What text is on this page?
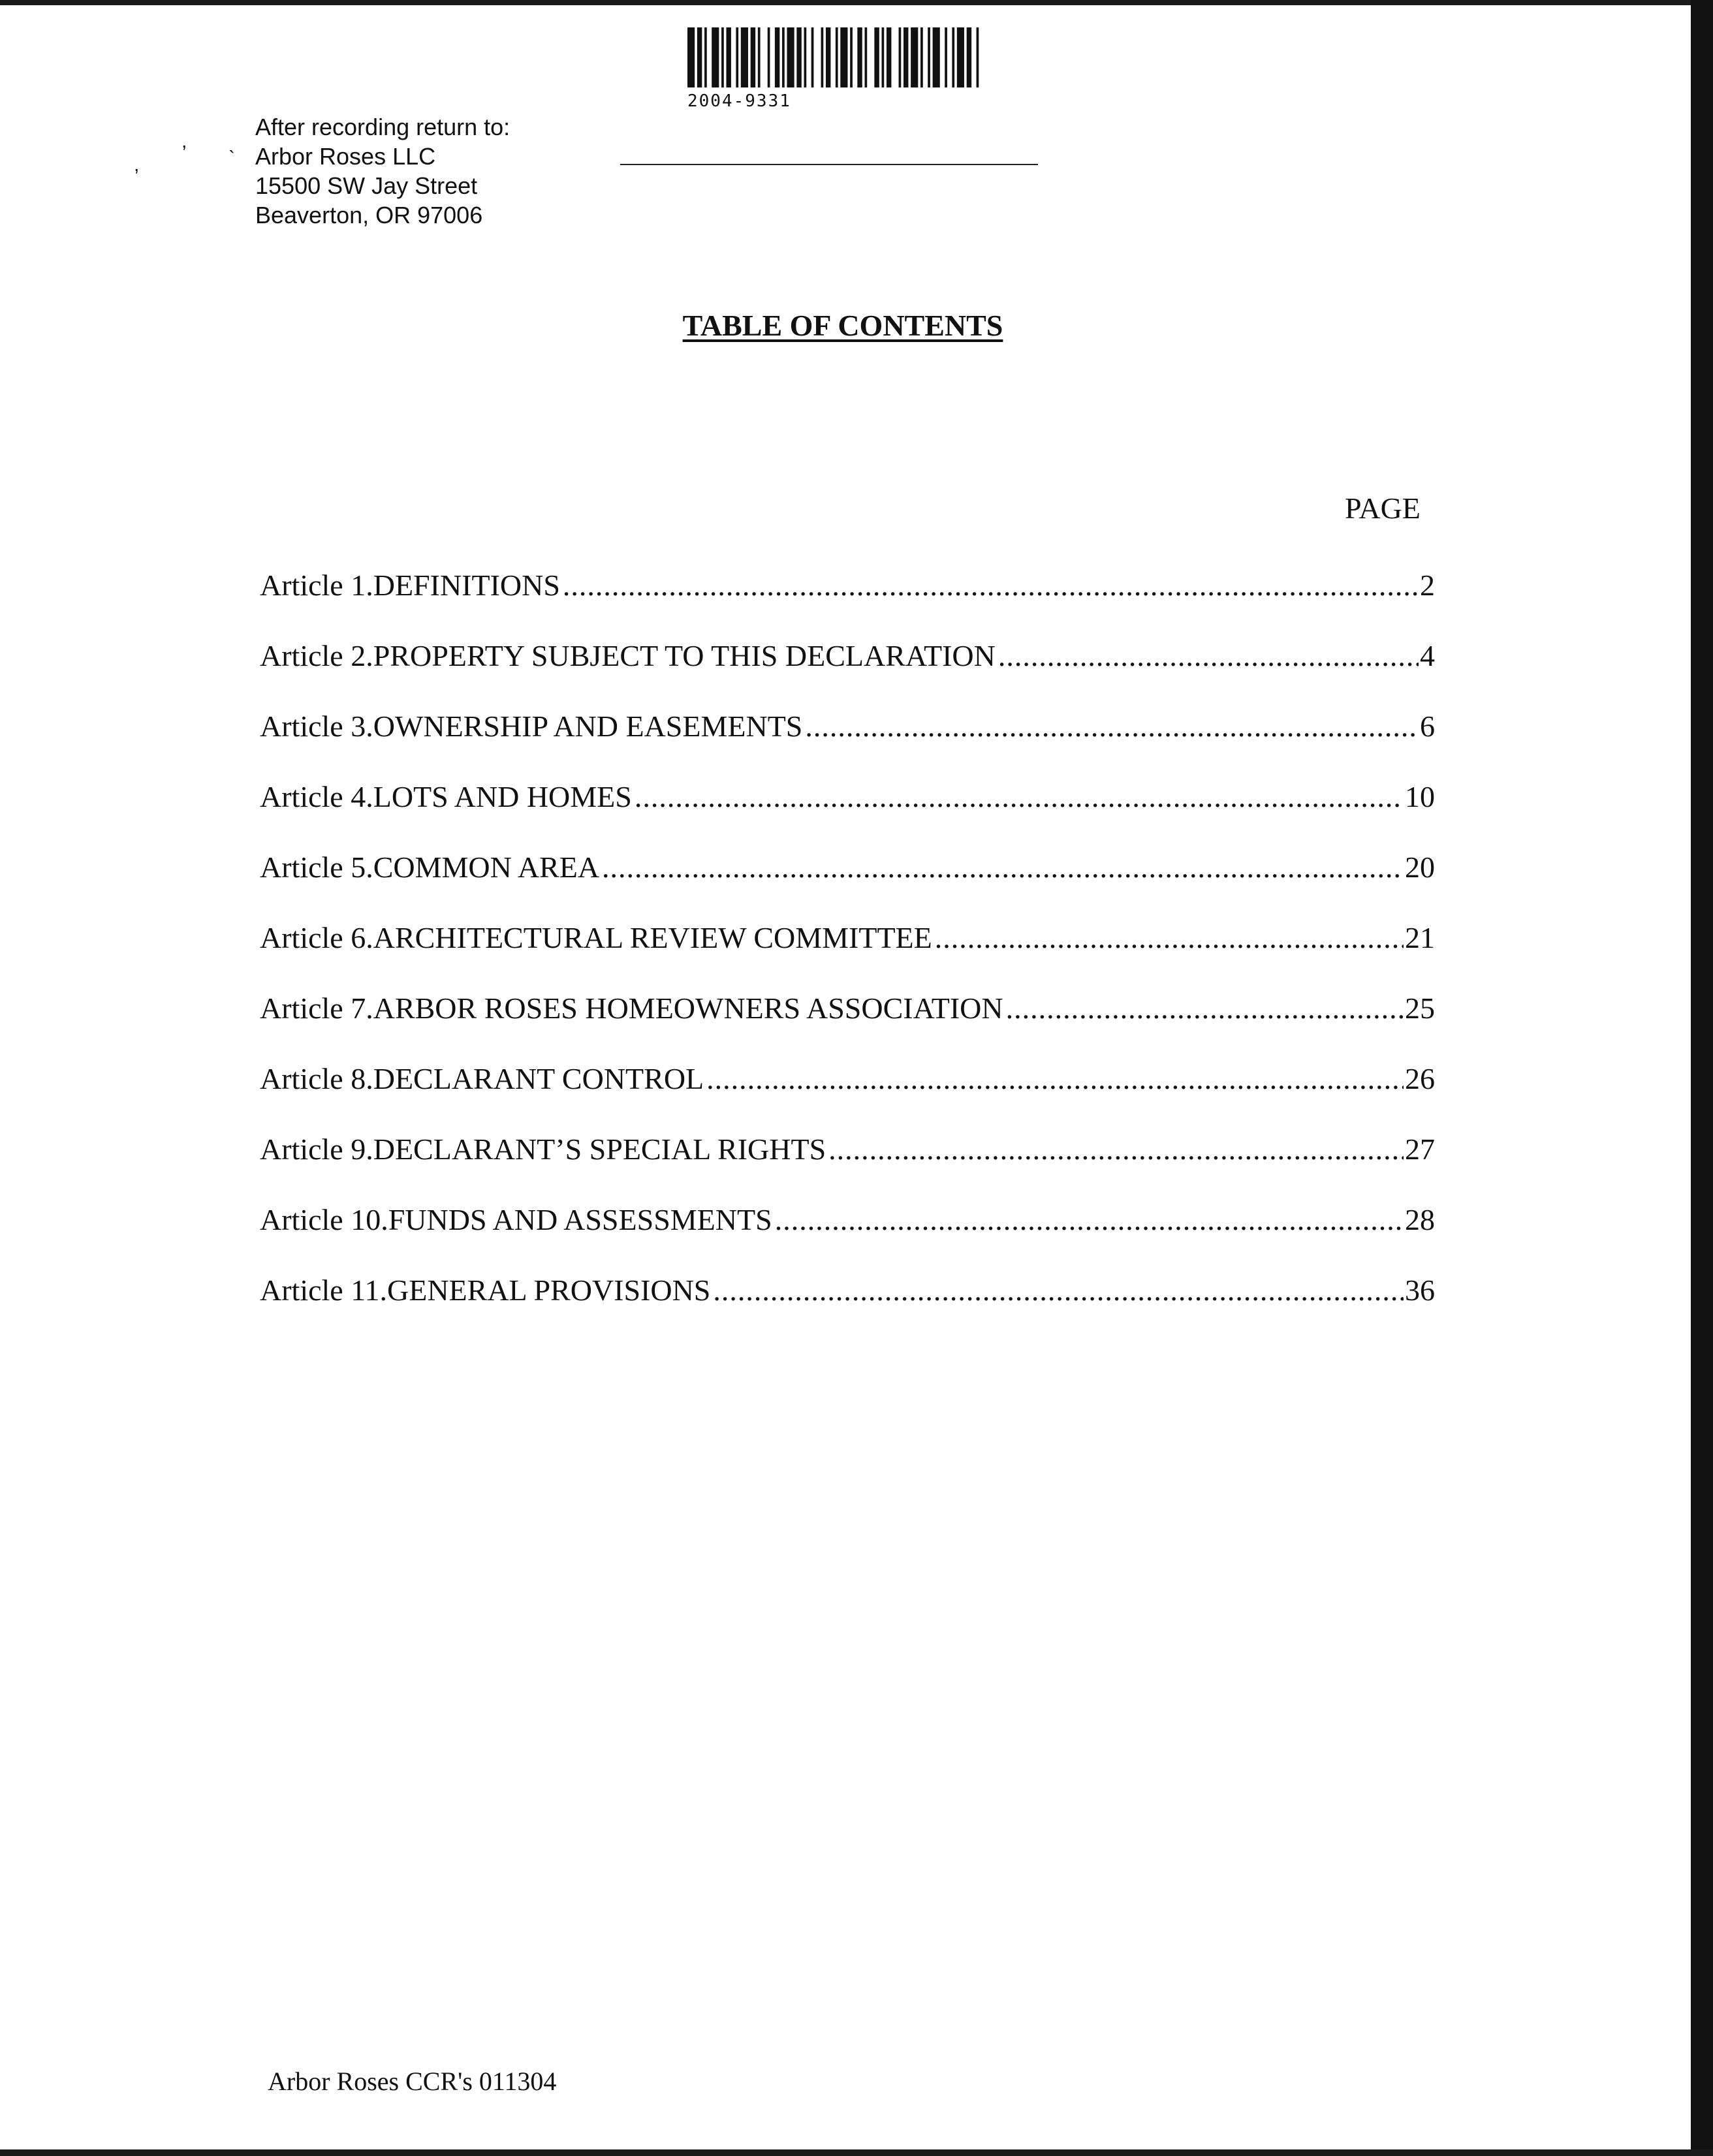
2004-9331
,
,
`
After recording return to:
Arbor Roses LLC
15500 SW Jay Street
Beaverton, OR 97006
TABLE OF CONTENTS
PAGE
Article 1. DEFINITIONS .....	2
Article 2. PROPERTY SUBJECT TO THIS DECLARATION .....	4
Article 3. OWNERSHIP AND EASEMENTS .....	6
Article 4. LOTS AND HOMES .....	10
Article 5. COMMON AREA .....	20
Article 6. ARCHITECTURAL REVIEW COMMITTEE .....	21
Article 7. ARBOR ROSES HOMEOWNERS ASSOCIATION .....	25
Article 8. DECLARANT CONTROL .....	26
Article 9. DECLARANT’S SPECIAL RIGHTS .....	27
Article 10. FUNDS AND ASSESSMENTS .....	28
Article 11. GENERAL PROVISIONS .....	36
Arbor Roses CCR's 011304
